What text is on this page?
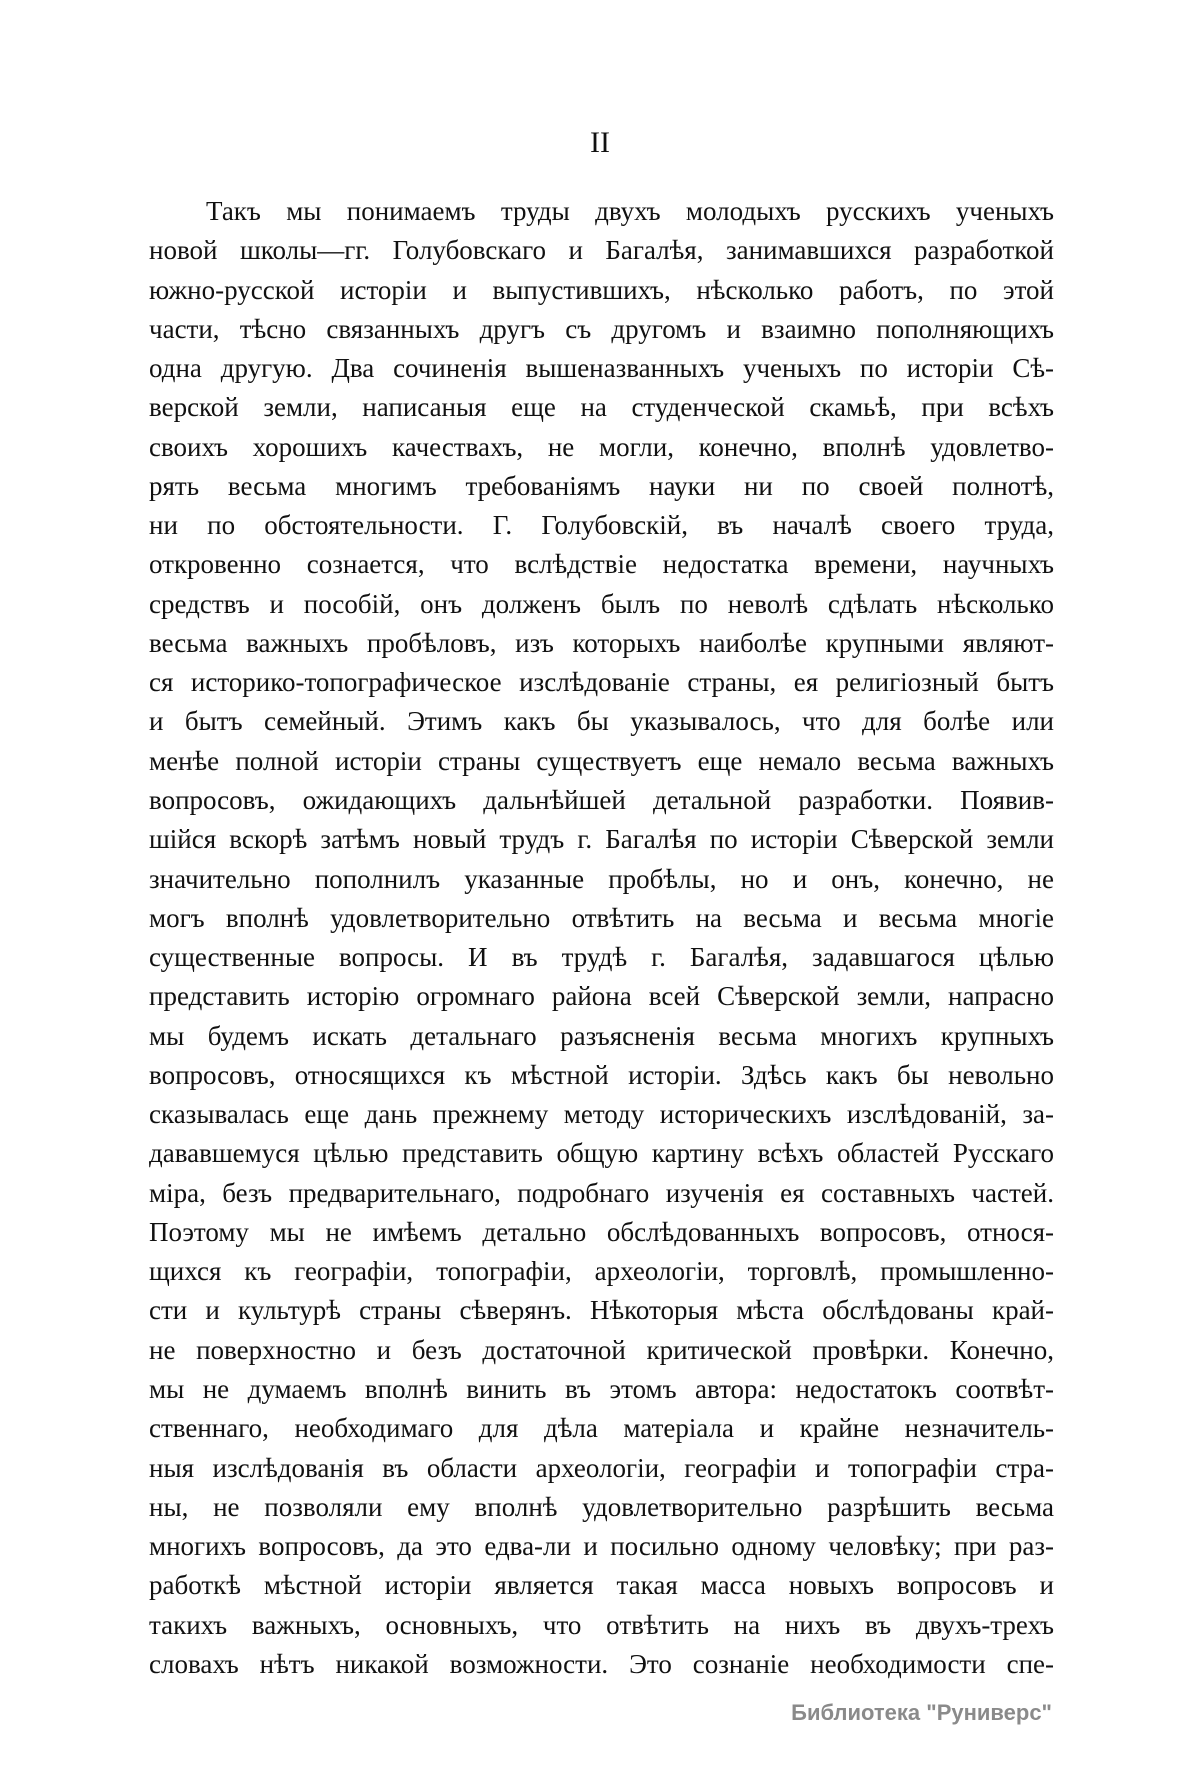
II
Такъ мы понимаемъ труды двухъ молодыхъ русскихъ ученыхъ
новой школы—гг. Голубовскаго и Багалѣя, занимавшихся разработкой
южно-русской исторіи и выпустившихъ, нѣсколько работъ, по этой
части, тѣсно связанныхъ другъ съ другомъ и взаимно пополняющихъ
одна другую. Два сочиненія вышеназванныхъ ученыхъ по исторіи Сѣ-
верской земли, написаныя еще на студенческой скамьѣ, при всѣхъ
своихъ хорошихъ качествахъ, не могли, конечно, вполнѣ удовлетво-
рять весьма многимъ требованіямъ науки ни по своей полнотѣ,
ни по обстоятельности. Г. Голубовскій, въ началѣ своего труда,
откровенно сознается, что вслѣдствіе недостатка времени, научныхъ
средствъ и пособій, онъ долженъ былъ по неволѣ сдѣлать нѣсколько
весьма важныхъ пробѣловъ, изъ которыхъ наиболѣе крупными являют-
ся историко-топографическое изслѣдованіе страны, ея религіозный бытъ
и бытъ семейный. Этимъ какъ бы указывалось, что для болѣе или
менѣе полной исторіи страны существуетъ еще немало весьма важныхъ
вопросовъ, ожидающихъ дальнѣйшей детальной разработки. Появив-
шійся вскорѣ затѣмъ новый трудъ г. Багалѣя по исторіи Сѣверской земли
значительно пополнилъ указанные пробѣлы, но и онъ, конечно, не
могъ вполнѣ удовлетворительно отвѣтить на весьма и весьма многіе
существенные вопросы. И въ трудѣ г. Багалѣя, задавшагося цѣлью
представить исторію огромнаго района всей Сѣверской земли, напрасно
мы будемъ искать детальнаго разъясненія весьма многихъ крупныхъ
вопросовъ, относящихся къ мѣстной исторіи. Здѣсь какъ бы невольно
сказывалась еще дань прежнему методу историческихъ изслѣдованій, за-
дававшемуся цѣлью представить общую картину всѣхъ областей Русскаго
міра, безъ предварительнаго, подробнаго изученія ея составныхъ частей.
Поэтому мы не имѣемъ детально обслѣдованныхъ вопросовъ, относя-
щихся къ географіи, топографіи, археологіи, торговлѣ, промышленно-
сти и культурѣ страны сѣверянъ. Нѣкоторыя мѣста обслѣдованы край-
не поверхностно и безъ достаточной критической провѣрки. Конечно,
мы не думаемъ вполнѣ винить въ этомъ автора: недостатокъ соотвѣт-
ственнаго, необходимаго для дѣла матеріала и крайне незначитель-
ныя изслѣдованія въ области археологіи, географіи и топографіи стра-
ны, не позволяли ему вполнѣ удовлетворительно разрѣшить весьма
многихъ вопросовъ, да это едва-ли и посильно одному человѣку; при раз-
работкѣ мѣстной исторіи является такая масса новыхъ вопросовъ и
такихъ важныхъ, основныхъ, что отвѣтить на нихъ въ двухъ-трехъ
словахъ нѣтъ никакой возможности. Это сознаніе необходимости спе-
Библиотека "Руниверс"
